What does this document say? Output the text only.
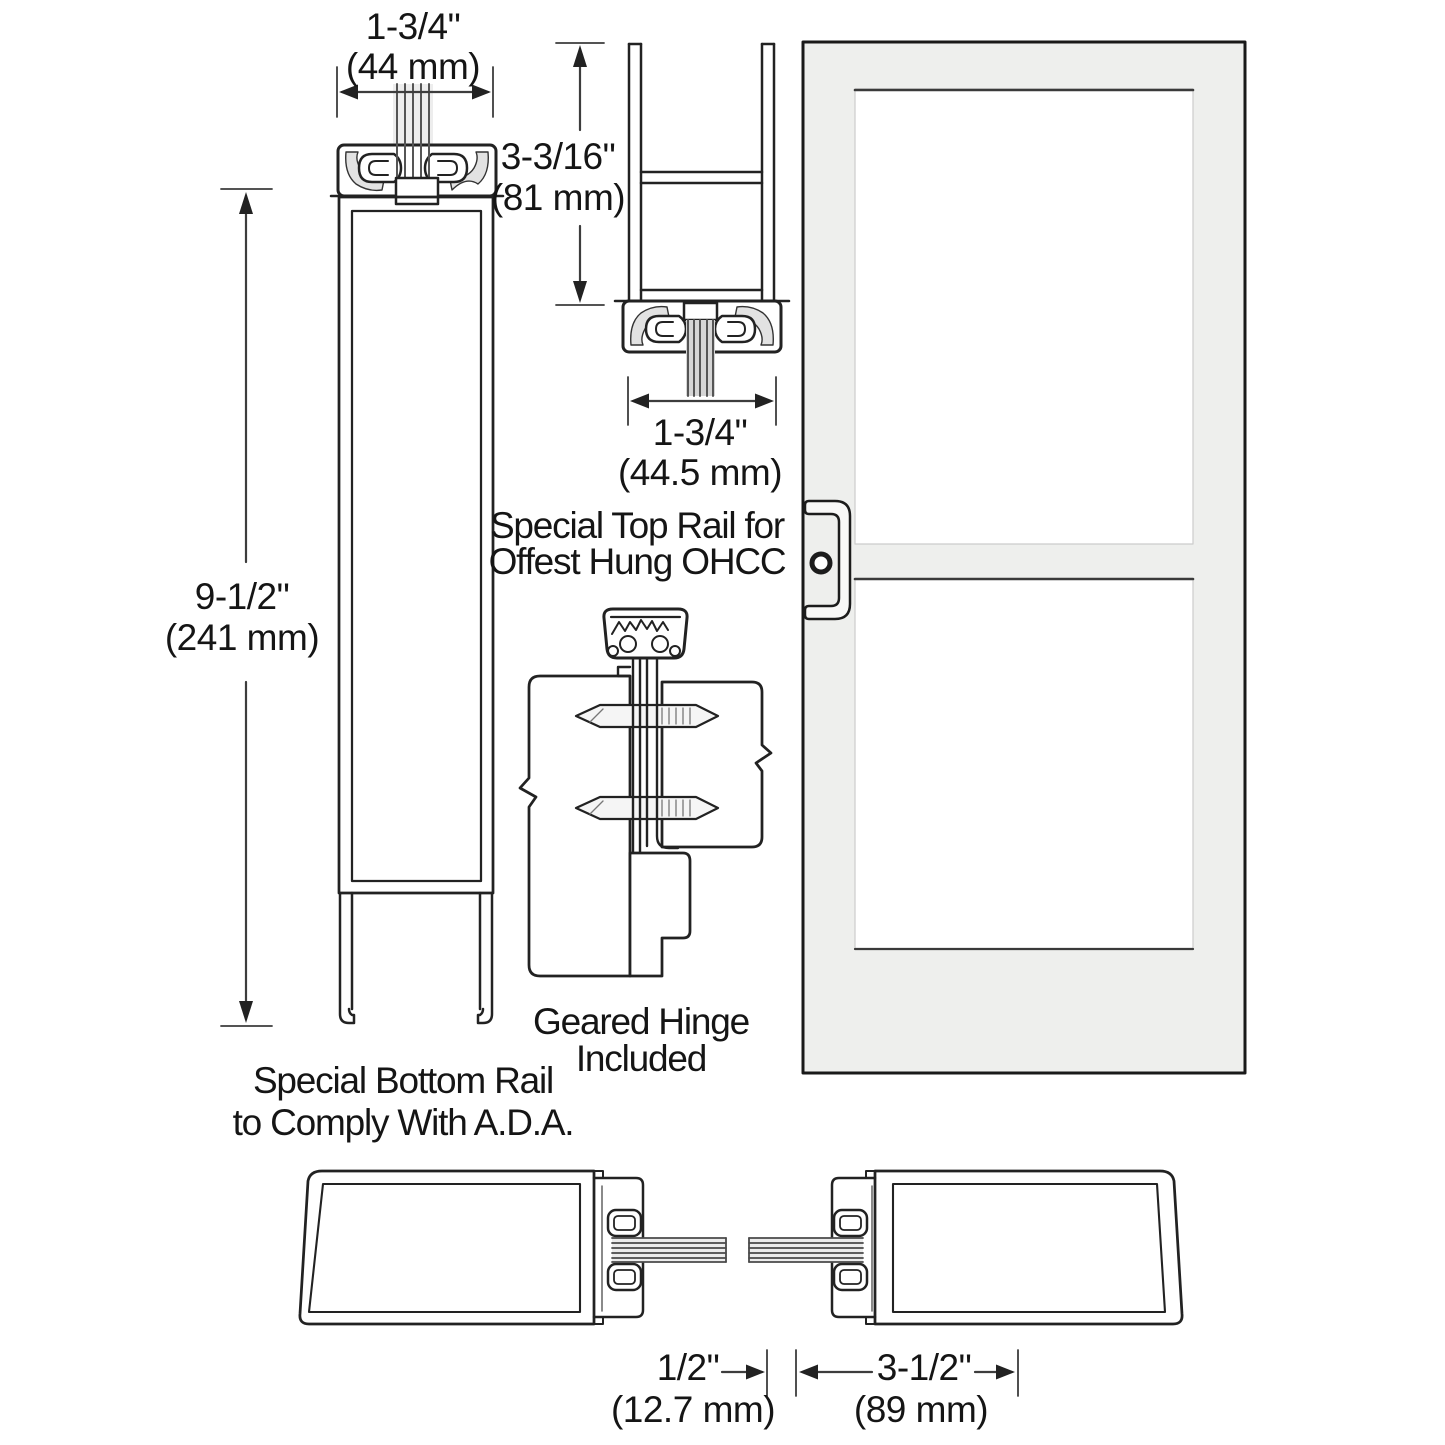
1-3/4"
(44 mm)
9-1/2"
(241 mm)
3-3/16"
(81 mm)
1-3/4"
(44.5 mm)
Special Top Rail for
Offest Hung OHCC
Geared Hinge
Included
Special Bottom Rail
to Comply With A.D.A.
1/2"
(12.7 mm)
3-1/2"
(89 mm)
